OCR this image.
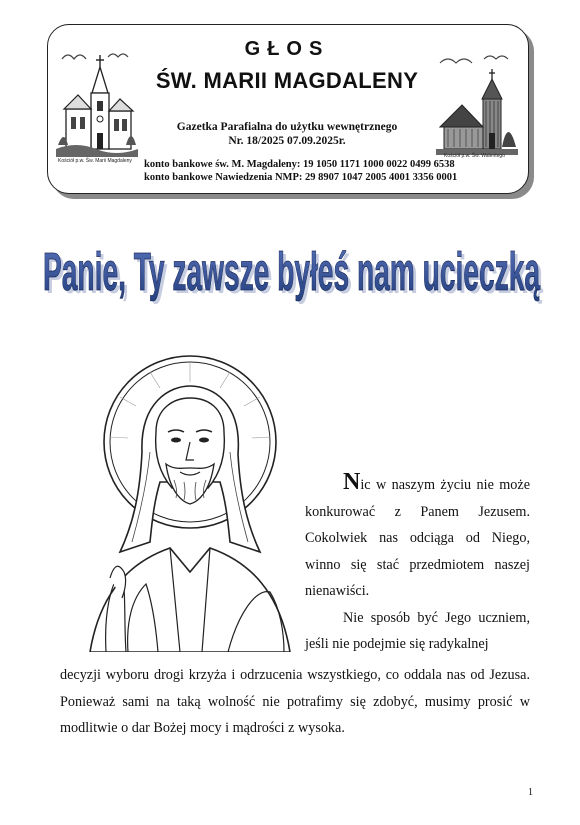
Kościół p.w. Św. Marii Magdaleny
Kościół p.w. Św. Walentego
GŁOS
ŚW. MARII MAGDALENY
Gazetka Parafialna do użytku wewnętrznego
Nr. 18/2025 07.09.2025r.
konto bankowe św. M. Magdaleny: 19 1050 1171 1000 0022 0499 6538
konto bankowe Nawiedzenia NMP: 29 8907 1047 2005 4001 3356 0001
Panie, Ty zawsze byłeś nam ucieczką
Panie, Ty zawsze byłeś nam ucieczką

Nic w naszym życiu nie może konkurować z Panem Jezusem. Cokolwiek nas odciąga od Niego, winno się stać przedmiotem naszej nienawiści.

Nie sposób być Jego uczniem, jeśli nie podejmie się radykalnej

decyzji wyboru drogi krzyża i odrzucenia wszystkiego, co oddala nas od Jezusa. Ponieważ sami na taką wolność nie potrafimy się zdobyć, musimy prosić w modlitwie o dar Bożej mocy i mądrości z wysoka.

1
